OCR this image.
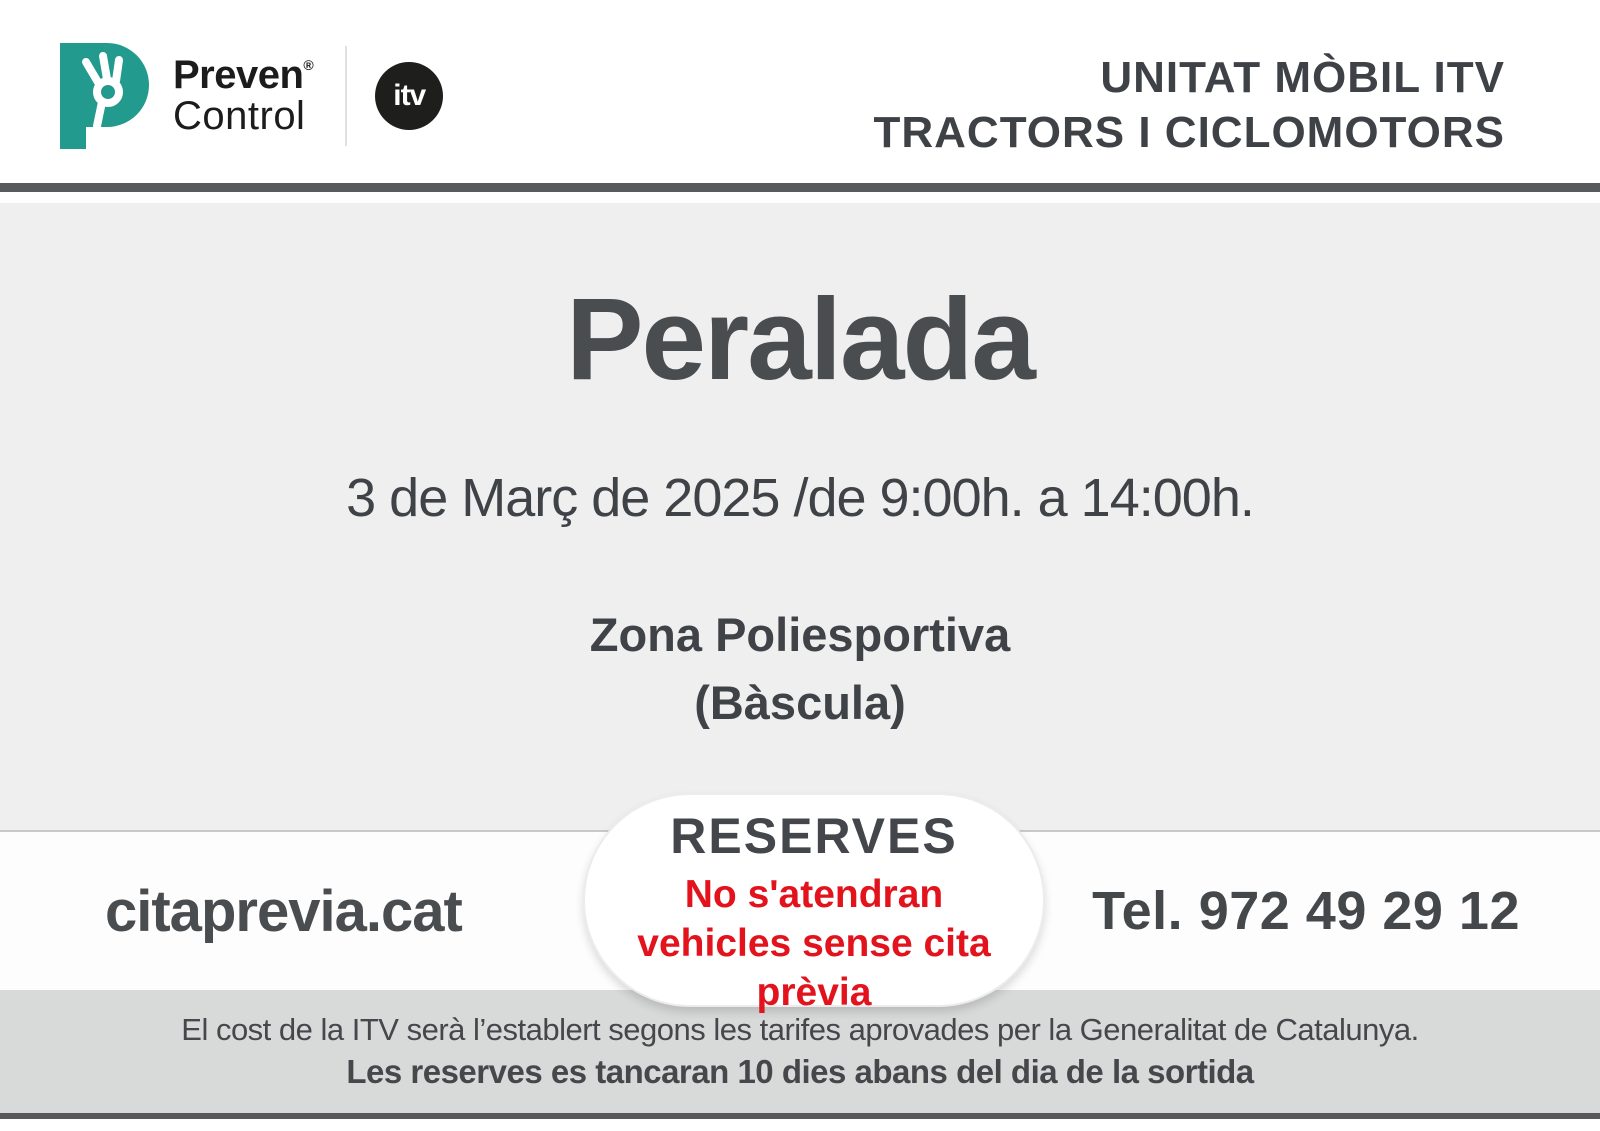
Preven®
Control	itv	UNITAT MÒBIL ITV
TRACTORS I CICLOMOTORS
Peralada

3 de Març de 2025 /de 9:00h. a 14:00h.

Zona Poliesportiva
(Bàscula)
citaprevia.cat	Tel. 972 49 29 12
RESERVES
No s'atendran vehicles sense cita prèvia
El cost de la ITV serà l’establert segons les tarifes aprovades per la Generalitat de Catalunya.
Les reserves es tancaran 10 dies abans del dia de la sortida
